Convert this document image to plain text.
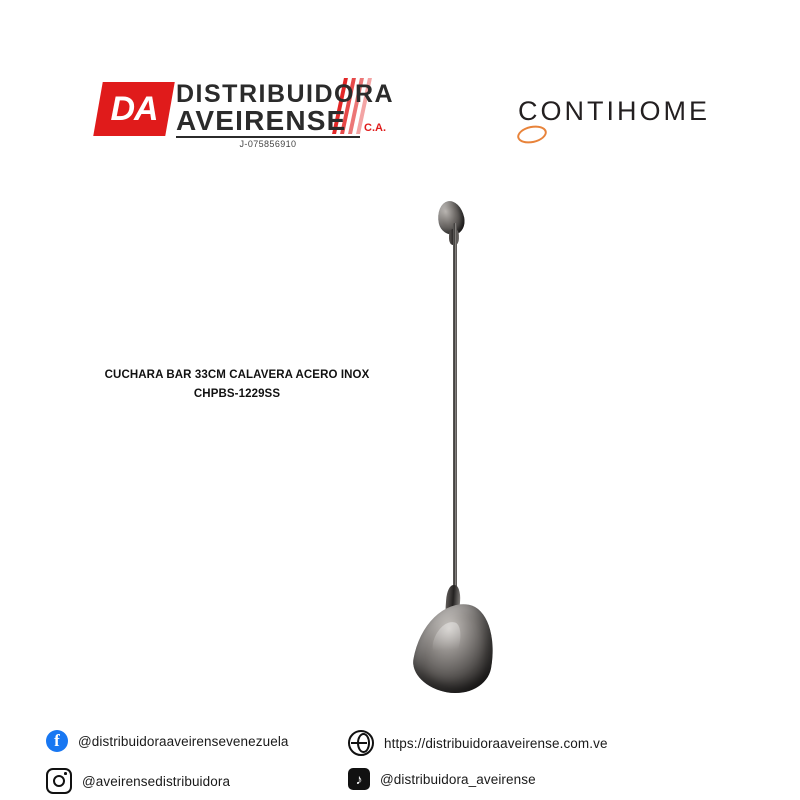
DA DISTRIBUIDORA
AVEIRENSE C.A.
J-075856910
CONTIHOME
CUCHARA BAR 33CM CALAVERA ACERO INOX CHPBS-1229SS
f
@distribuidoraaveirensevenezuela
@aveirensedistribuidora
https://distribuidoraaveirense.com.ve
♪
@distribuidora_aveirense
